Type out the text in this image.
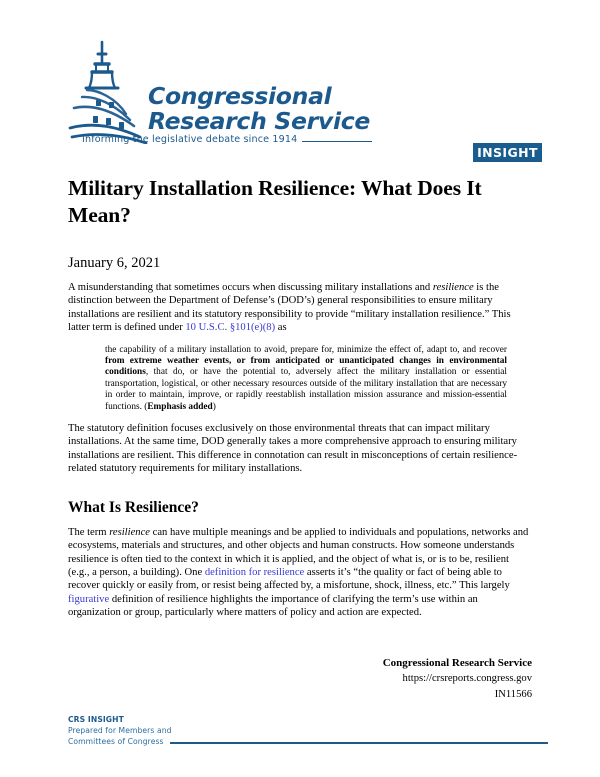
Congressional
Research Service
Informing the legislative debate since 1914
INSIGHT
Military Installation Resilience: What Does It Mean?
January 6, 2021

A misunderstanding that sometimes occurs when discussing military installations and resilience is the distinction between the Department of Defense’s (DOD’s) general responsibilities to ensure military installations are resilient and its statutory responsibility to provide “military installation resilience.” This latter term is defined under 10 U.S.C. §101(e)(8) as

the capability of a military installation to avoid, prepare for, minimize the effect of, adapt to, and recover from extreme weather events, or from anticipated or unanticipated changes in environmental conditions, that do, or have the potential to, adversely affect the military installation or essential transportation, logistical, or other necessary resources outside of the military installation that are necessary in order to maintain, improve, or rapidly reestablish installation mission assurance and mission-essential functions. (Emphasis added)

The statutory definition focuses exclusively on those environmental threats that can impact military installations. At the same time, DOD generally takes a more comprehensive approach to ensuring military installations are resilient. This difference in connotation can result in misconceptions of certain resilience-related statutory requirements for military installations.

What Is Resilience?

The term resilience can have multiple meanings and be applied to individuals and populations, networks and ecosystems, materials and structures, and other objects and human constructs. How someone understands resilience is often tied to the context in which it is applied, and the object of what is, or is to be, resilient (e.g., a person, a building). One definition for resilience asserts it’s “the quality or fact of being able to recover quickly or easily from, or resist being affected by, a misfortune, shock, illness, etc.” This largely figurative definition of resilience highlights the importance of clarifying the term’s use within an organization or group, particularly where matters of policy and action are expected.

Congressional Research Service
https://crsreports.congress.gov
IN11566
CRS INSIGHT
Prepared for Members and
Committees of Congress
